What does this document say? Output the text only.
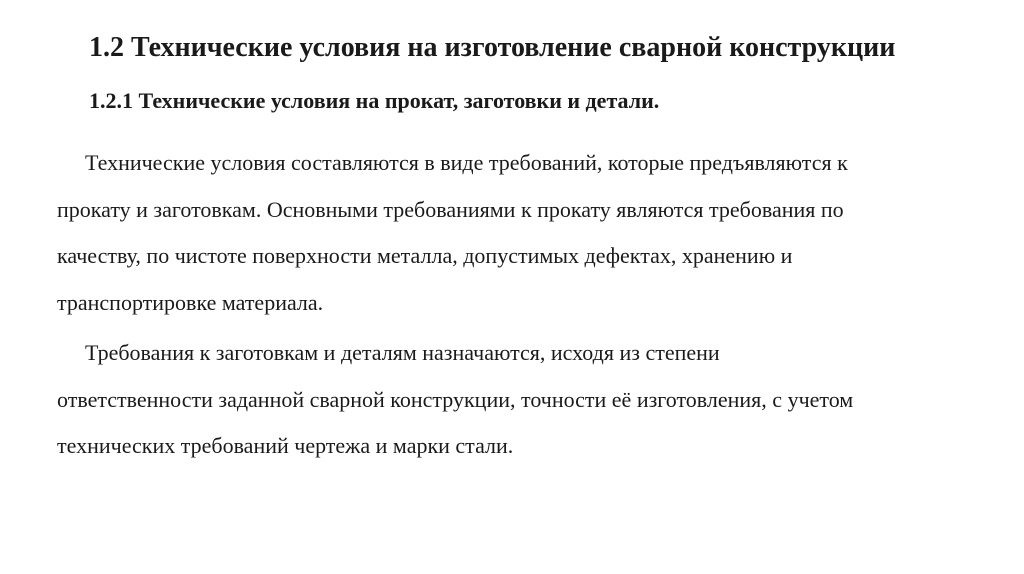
1.2 Технические условия на изготовление сварной конструкции
1.2.1 Технические условия на прокат, заготовки и детали.

Технические условия составляются в виде требований, которые предъявляются к
прокату и заготовкам. Основными требованиями к прокату являются требования по
качеству, по чистоте поверхности металла, допустимых дефектах, хранению и
транспортировке материала.

Требования к заготовкам и деталям назначаются, исходя из степени
ответственности заданной сварной конструкции, точности её изготовления, с учетом
технических требований чертежа и марки стали.
